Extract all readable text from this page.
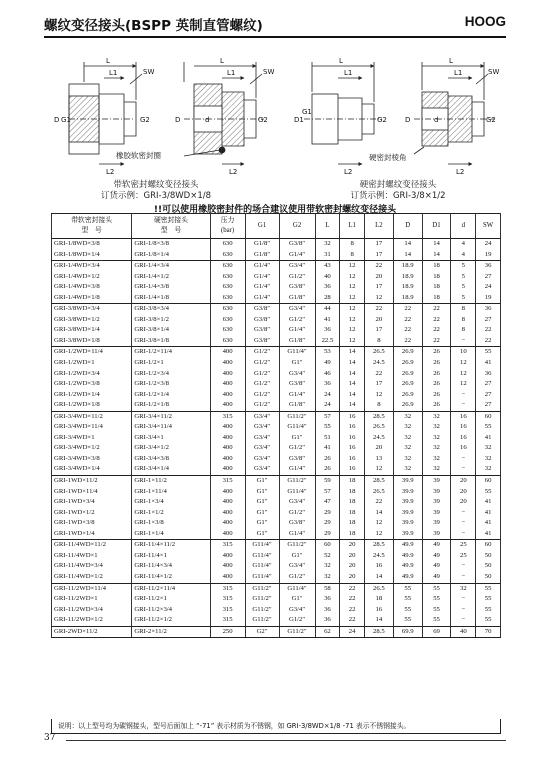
螺纹变径接头(BSPP 英制直管螺纹)	HOOG
L
L1
L2
SW
D G1	G2
L
L1
L2
SW
D	d	G2
橡胶软密封圈
L
L1
L2
D1
G1
G2
L
L1
L2
SW
D	d	G2
硬密封棱角
带软密封螺纹变径接头
订货示例：GRI-3/8WD×1/8
硬密封螺纹变径接头
订货示例：GRI-3/8×1/2
!!可以使用橡胶密封件的场合建议使用带软密封螺纹变径接头
带软密封接头
型　号	硬密封接头
型　号	压力
(bar)	G1	G2	L	L1	L2	D	D1	d	SW
GRI-1/8WD×3/8	GRI-1/8×3/8	630	G1/8″	G3/8″	32	8	17	14	14	4	24
GRI-1/8WD×1/4	GRI-1/8×1/4	630	G1/8″	G1/4″	31	8	17	14	14	4	19
GRI-1/4WD×3/4	GRI-1/4×3/4	630	G1/4″	G3/4″	43	12	22	18.9	18	5	36
GRI-1/4WD×1/2	GRI-1/4×1/2	630	G1/4″	G1/2″	40	12	20	18.9	18	5	27
GRI-1/4WD×3/8	GRI-1/4×3/8	630	G1/4″	G3/8″	36	12	17	18.9	18	5	24
GRI-1/4WD×1/8	GRI-1/4×1/8	630	G1/4″	G1/8″	28	12	12	18.9	18	5	19
GRI-3/8WD×3/4	GRI-3/8×3/4	630	G3/8″	G3/4″	44	12	22	22	22	8	36
GRI-3/8WD×1/2	GRI-3/8×1/2	630	G3/8″	G1/2″	41	12	20	22	22	8	27
GRI-3/8WD×1/4	GRI-3/8×1/4	630	G3/8″	G1/4″	36	12	17	22	22	8	22
GRI-3/8WD×1/8	GRI-3/8×1/8	630	G3/8″	G1/8″	22.5	12	8	22	22	−	22
GRI-1/2WD×11/4	GRI-1/2×11/4	400	G1/2″	G11/4″	53	14	26.5	26.9	26	10	55
GRI-1/2WD×1	GRI-1/2×1	400	G1/2″	G1″	49	14	24.5	26.9	26	12	41
GRI-1/2WD×3/4	GRI-1/2×3/4	400	G1/2″	G3/4″	46	14	22	26.9	26	12	36
GRI-1/2WD×3/8	GRI-1/2×3/8	400	G1/2″	G3/8″	36	14	17	26.9	26	12	27
GRI-1/2WD×1/4	GRI-1/2×1/4	400	G1/2″	G1/4″	24	14	12	26.9	26	−	27
GRI-1/2WD×1/8	GRI-1/2×1/8	400	G1/2″	G1/8″	24	14	8	26.9	26	−	27
GRI-3/4WD×11/2	GRI-3/4×11/2	315	G3/4″	G11/2″	57	16	28.5	32	32	16	60
GRI-3/4WD×11/4	GRI-3/4×11/4	400	G3/4″	G11/4″	55	16	26.5	32	32	16	55
GRI-3/4WD×1	GRI-3/4×1	400	G3/4″	G1″	51	16	24.5	32	32	16	41
GRI-3/4WD×1/2	GRI-3/4×1/2	400	G3/4″	G1/2″	41	16	20	32	32	16	32
GRI-3/4WD×3/8	GRI-3/4×3/8	400	G3/4″	G3/8″	26	16	13	32	32	−	32
GRI-3/4WD×1/4	GRI-3/4×1/4	400	G3/4″	G1/4″	26	16	12	32	32	−	32
GRI-1WD×11/2	GRI-1×11/2	315	G1″	G11/2″	59	18	28.5	39.9	39	20	60
GRI-1WD×11/4	GRI-1×11/4	400	G1″	G11/4″	57	18	26.5	39.9	39	20	55
GRI-1WD×3/4	GRI-1×3/4	400	G1″	G3/4″	47	18	22	39.9	39	20	41
GRI-1WD×1/2	GRI-1×1/2	400	G1″	G1/2″	29	18	14	39.9	39	−	41
GRI-1WD×3/8	GRI-1×3/8	400	G1″	G3/8″	29	18	12	39.9	39	−	41
GRI-1WD×1/4	GRI-1×1/4	400	G1″	G1/4″	29	18	12	39.9	39	−	41
GRI-11/4WD×11/2	GRI-11/4×11/2	315	G11/4″	G11/2″	60	20	28.5	49.9	49	25	60
GRI-11/4WD×1	GRI-11/4×1	400	G11/4″	G1″	52	20	24.5	49.9	49	25	50
GRI-11/4WD×3/4	GRI-11/4×3/4	400	G11/4″	G3/4″	32	20	16	49.9	49	−	50
GRI-11/4WD×1/2	GRI-11/4×1/2	400	G11/4″	G1/2″	32	20	14	49.9	49	−	50
GRI-11/2WD×11/4	GRI-11/2×11/4	315	G11/2″	G11/4″	58	22	26.5	55	55	32	55
GRI-11/2WD×1	GRI-11/2×1	315	G11/2″	G1″	36	22	18	55	55	−	55
GRI-11/2WD×3/4	GRI-11/2×3/4	315	G11/2″	G3/4″	36	22	16	55	55	−	55
GRI-11/2WD×1/2	GRI-11/2×1/2	315	G11/2″	G1/2″	36	22	14	55	55	−	55
GRI-2WD×11/2	GRI-2×11/2	250	G2″	G11/2″	62	24	28.5	69.9	69	40	70
说明：以上型号均为碳钢接头，型号后面加上 “-71” 表示材质为不锈钢，如 GRI-3/8WD×1/8 -71 表示不锈钢接头。
37
